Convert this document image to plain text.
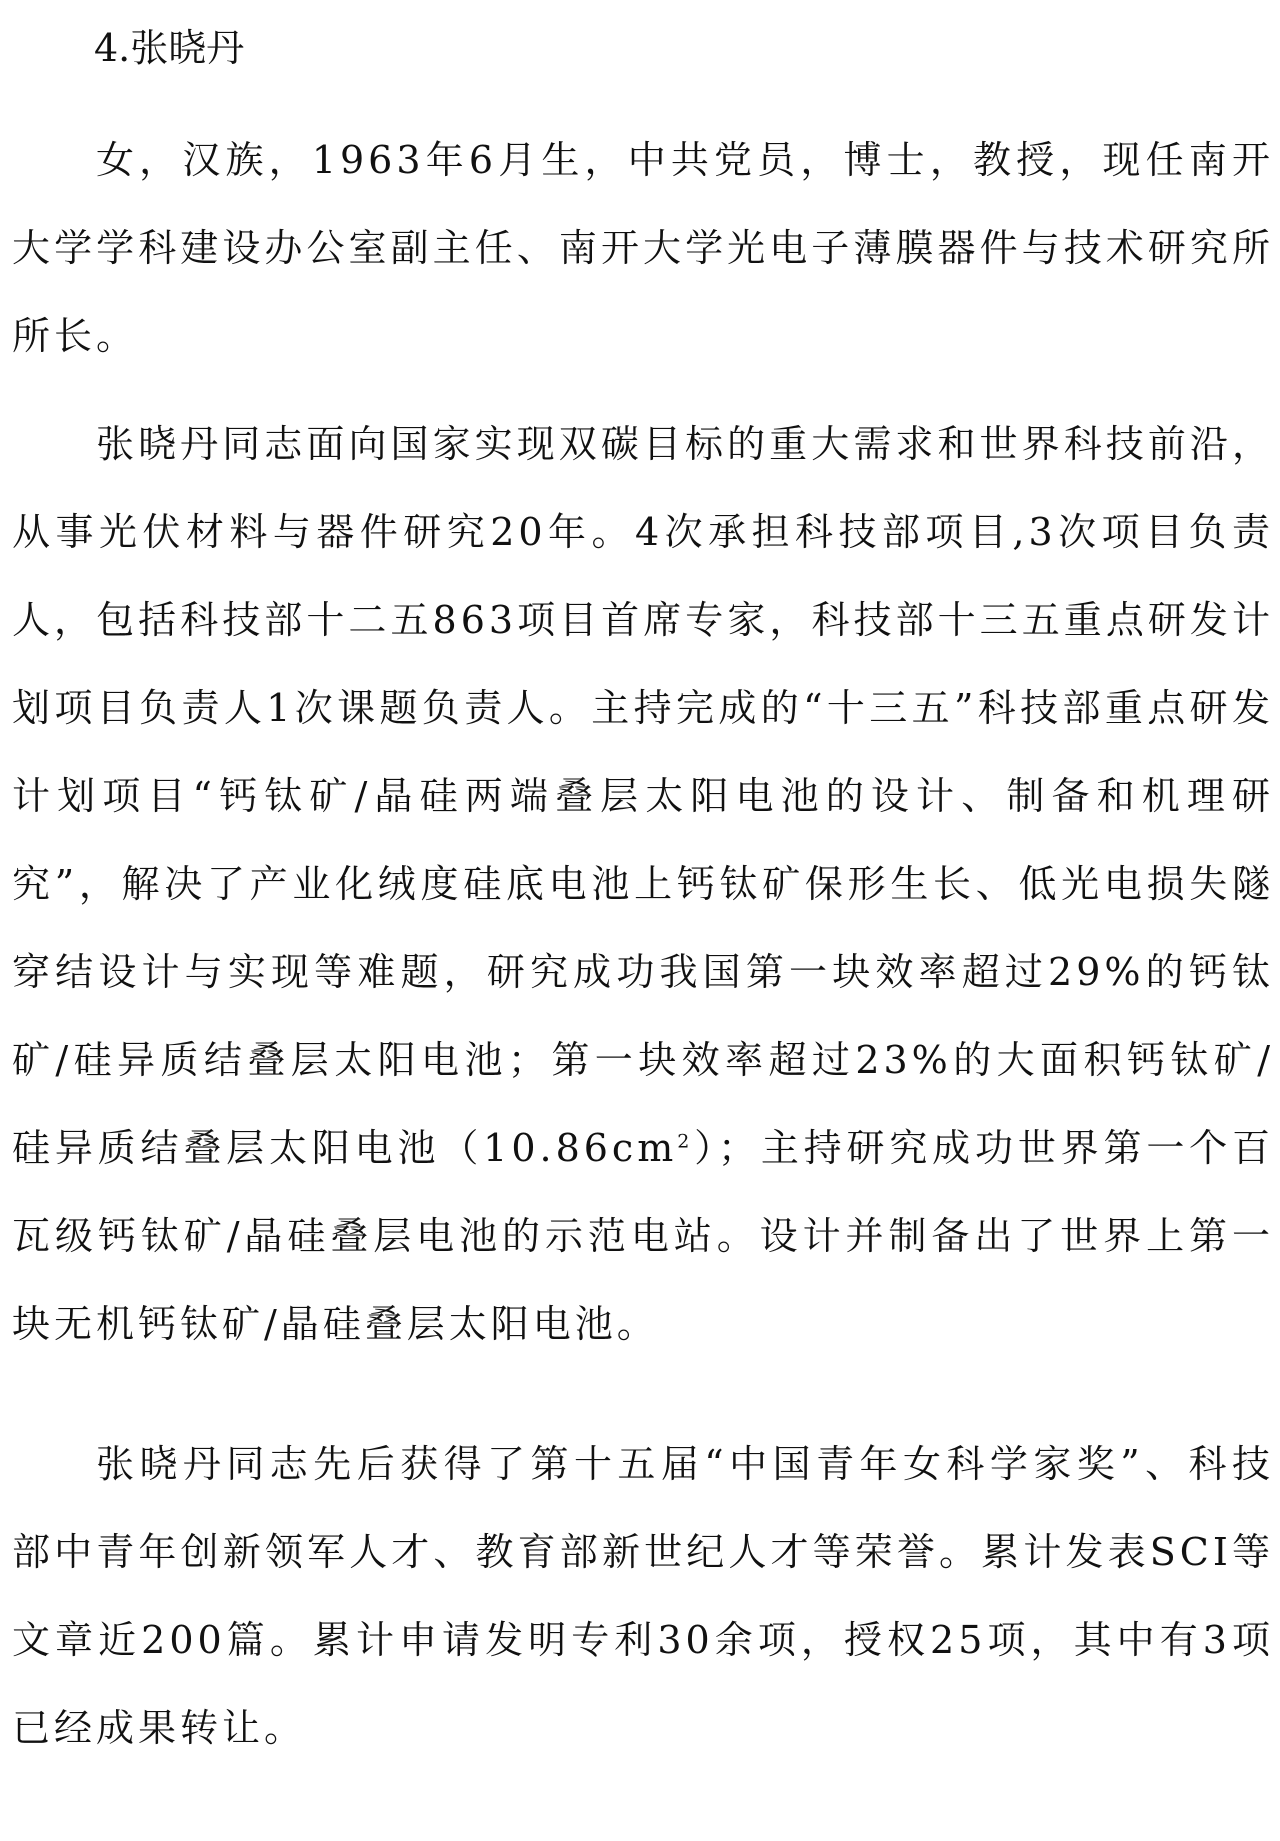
4.张晓丹

女，汉族，1963年6月生，中共党员，博士，教授，现任南开大学学科建设办公室副主任、南开大学光电子薄膜器件与技术研究所所长。

张晓丹同志面向国家实现双碳目标的重大需求和世界科技前沿，从事光伏材料与器件研究20年。4次承担科技部项目,3次项目负责人，包括科技部十二五863项目首席专家，科技部十三五重点研发计划项目负责人1次课题负责人。主持完成的“十三五”科技部重点研发计划项目“钙钛矿/晶硅两端叠层太阳电池的设计、制备和机理研究”，解决了产业化绒度硅底电池上钙钛矿保形生长、低光电损失隧穿结设计与实现等难题，研究成功我国第一块效率超过29%的钙钛矿/硅异质结叠层太阳电池；第一块效率超过23%的大面积钙钛矿/硅异质结叠层太阳电池$(10.86cm^2)$；主持研究成功世界第一个百瓦级钙钛矿/晶硅叠层电池的示范电站。设计并制备出了世界上第一块无机钙钛矿/晶硅叠层太阳电池。

张晓丹同志先后获得了第十五届“中国青年女科学家奖”、科技部中青年创新领军人才、教育部新世纪人才等荣誉。累计发表SCI等文章近200篇。累计申请发明专利30余项，授权25项，其中有3项已经成果转让。
